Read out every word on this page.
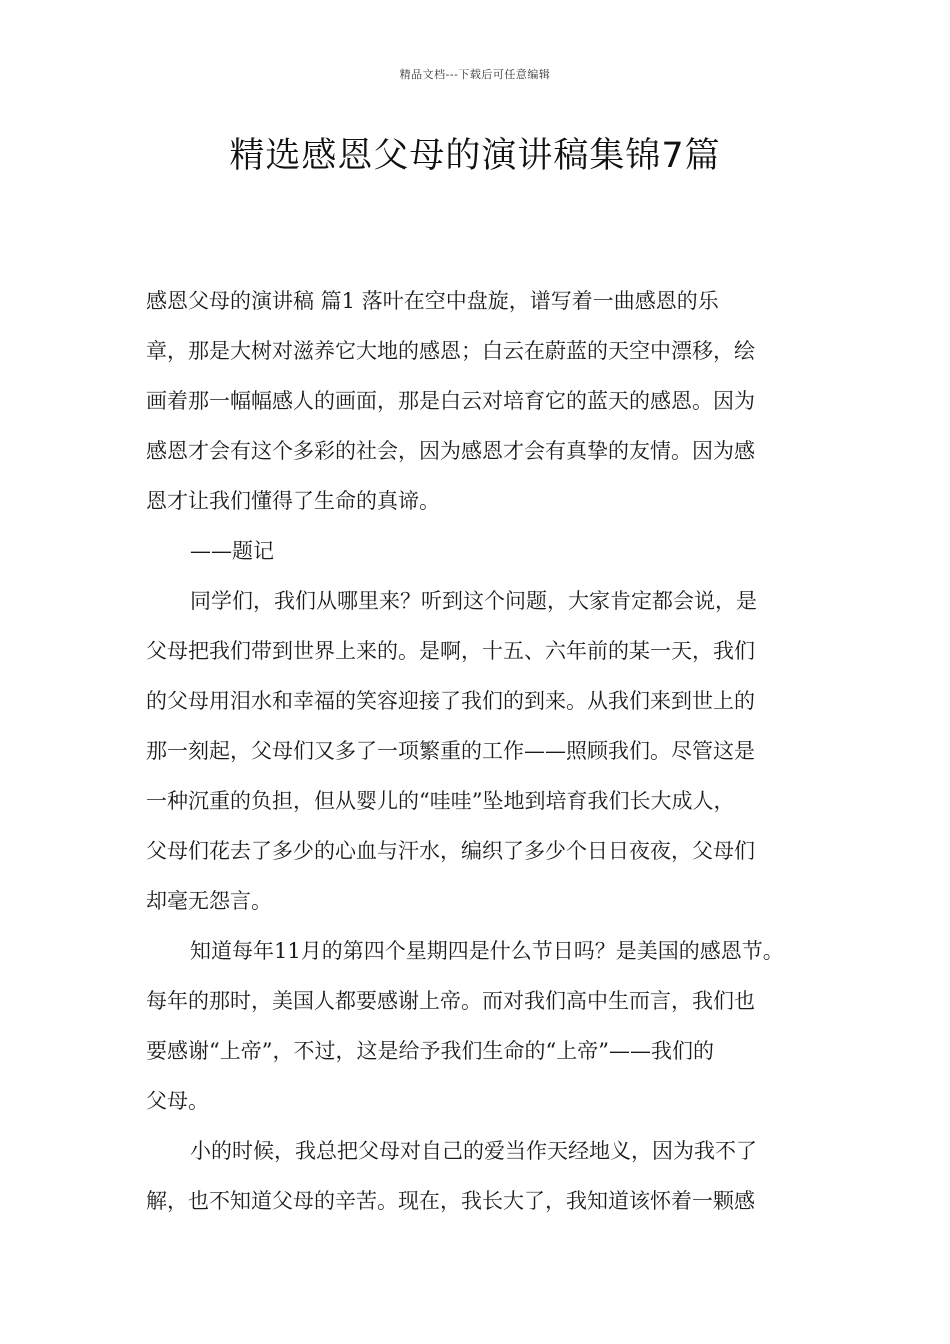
精品文档---下载后可任意编辑
精选感恩父母的演讲稿集锦7篇

感恩父母的演讲稿 篇1 落叶在空中盘旋，谱写着一曲感恩的乐
章，那是大树对滋养它大地的感恩；白云在蔚蓝的天空中漂移，绘
画着那一幅幅感人的画面，那是白云对培育它的蓝天的感恩。因为
感恩才会有这个多彩的社会，因为感恩才会有真挚的友情。因为感
恩才让我们懂得了生命的真谛。

——题记

同学们，我们从哪里来？听到这个问题，大家肯定都会说，是
父母把我们带到世界上来的。是啊，十五、六年前的某一天，我们
的父母用泪水和幸福的笑容迎接了我们的到来。从我们来到世上的
那一刻起，父母们又多了一项繁重的工作——照顾我们。尽管这是
一种沉重的负担，但从婴儿的“哇哇”坠地到培育我们长大成人，
父母们花去了多少的心血与汗水，编织了多少个日日夜夜，父母们
却毫无怨言。

知道每年11月的第四个星期四是什么节日吗？是美国的感恩节。
每年的那时，美国人都要感谢上帝。而对我们高中生而言，我们也
要感谢“上帝”，不过，这是给予我们生命的“上帝”——我们的
父母。

小的时候，我总把父母对自己的爱当作天经地义，因为我不了
解，也不知道父母的辛苦。现在，我长大了，我知道该怀着一颗感
